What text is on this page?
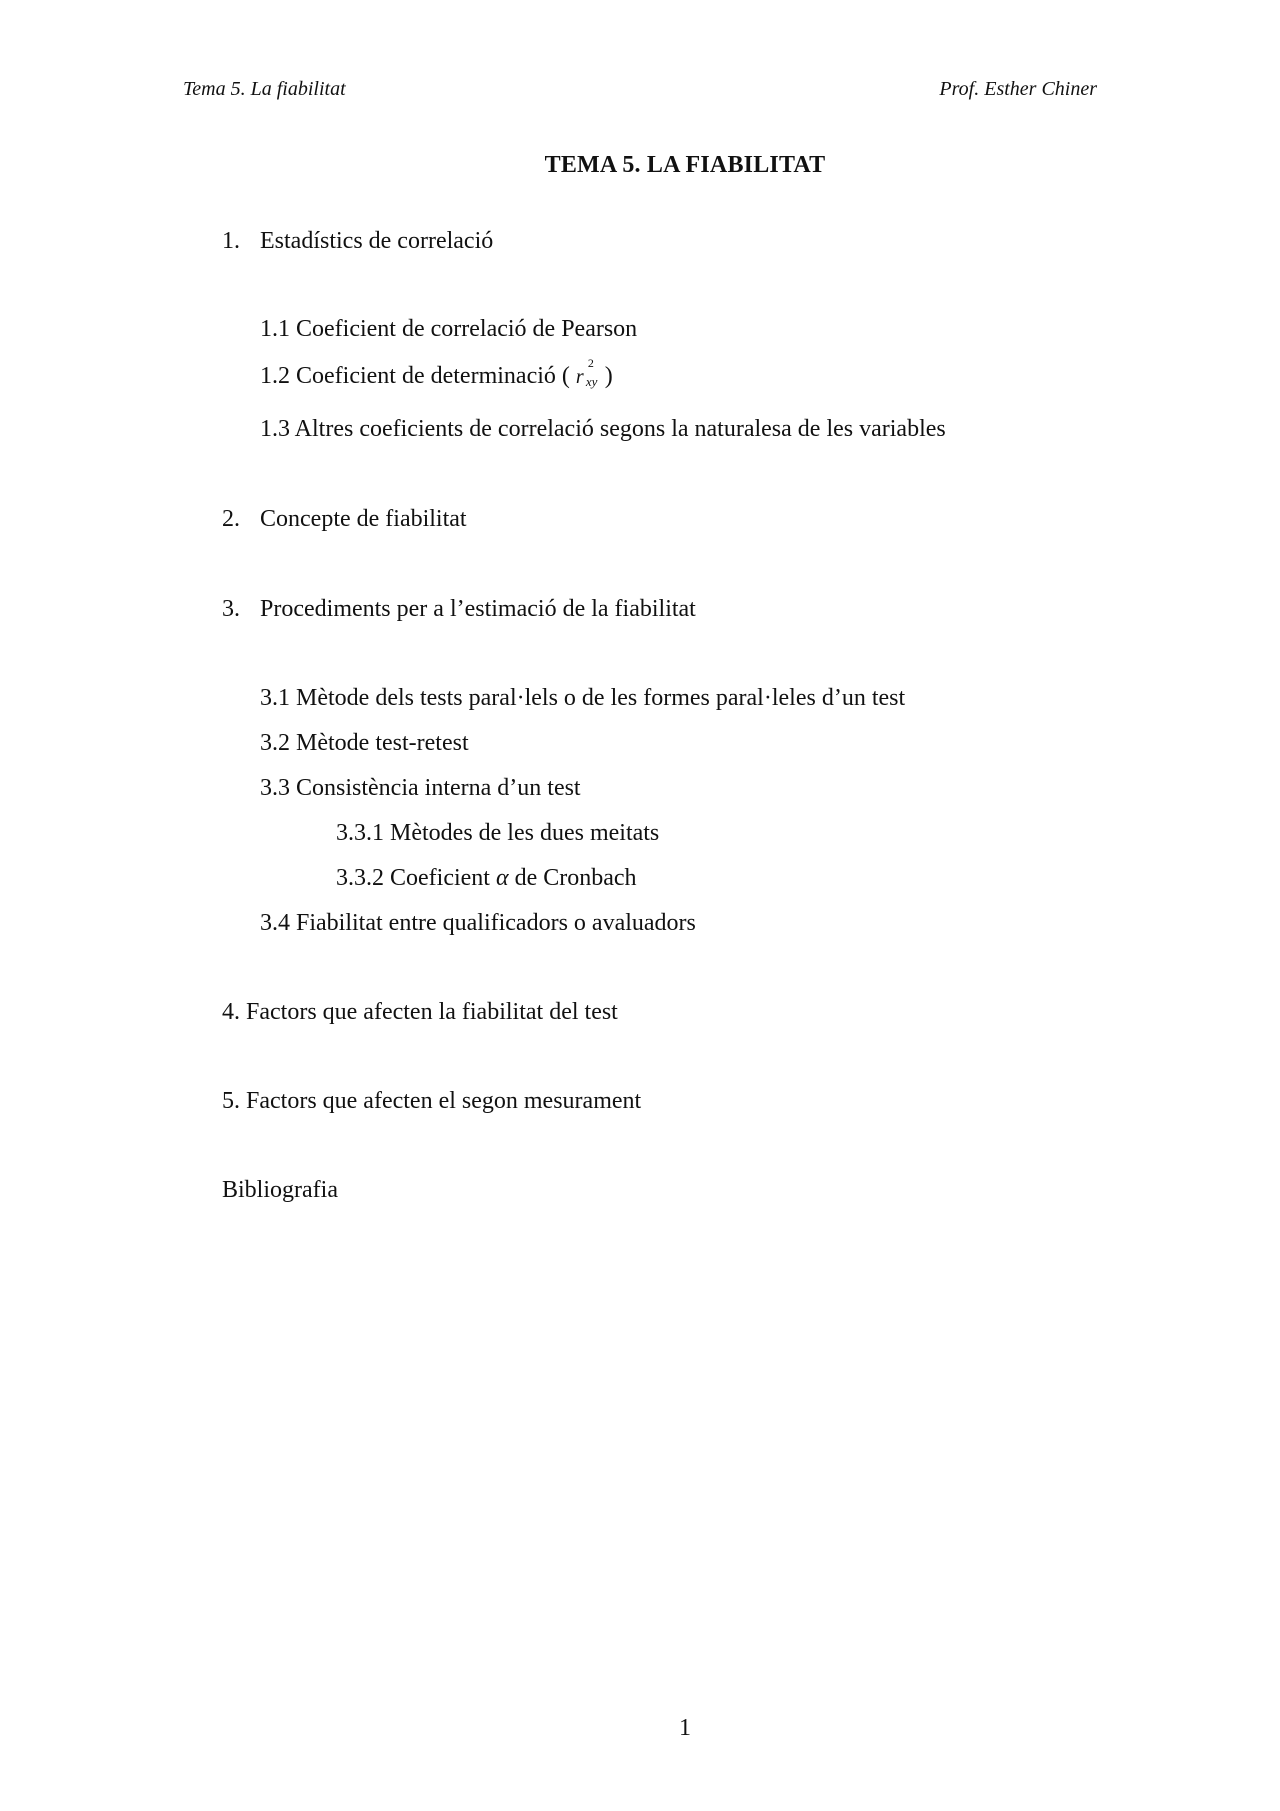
Tema 5. La fiabilitat	Prof. Esther Chiner
TEMA 5. LA FIABILITAT
1. Estadístics de correlació
1.1 Coeficient de correlació de Pearson
1.2 Coeficient de determinació ( r
2
xy )
1.3 Altres coeficients de correlació segons la naturalesa de les variables
2. Concepte de fiabilitat
3. Procediments per a l’estimació de la fiabilitat
3.1 Mètode dels tests paral·lels o de les formes paral·leles d’un test
3.2 Mètode test-retest
3.3 Consistència interna d’un test
3.3.1 Mètodes de les dues meitats
3.3.2 Coeficient α de Cronbach
3.4 Fiabilitat entre qualificadors o avaluadors
4. Factors que afecten la fiabilitat del test
5. Factors que afecten el segon mesurament
Bibliografia
1
